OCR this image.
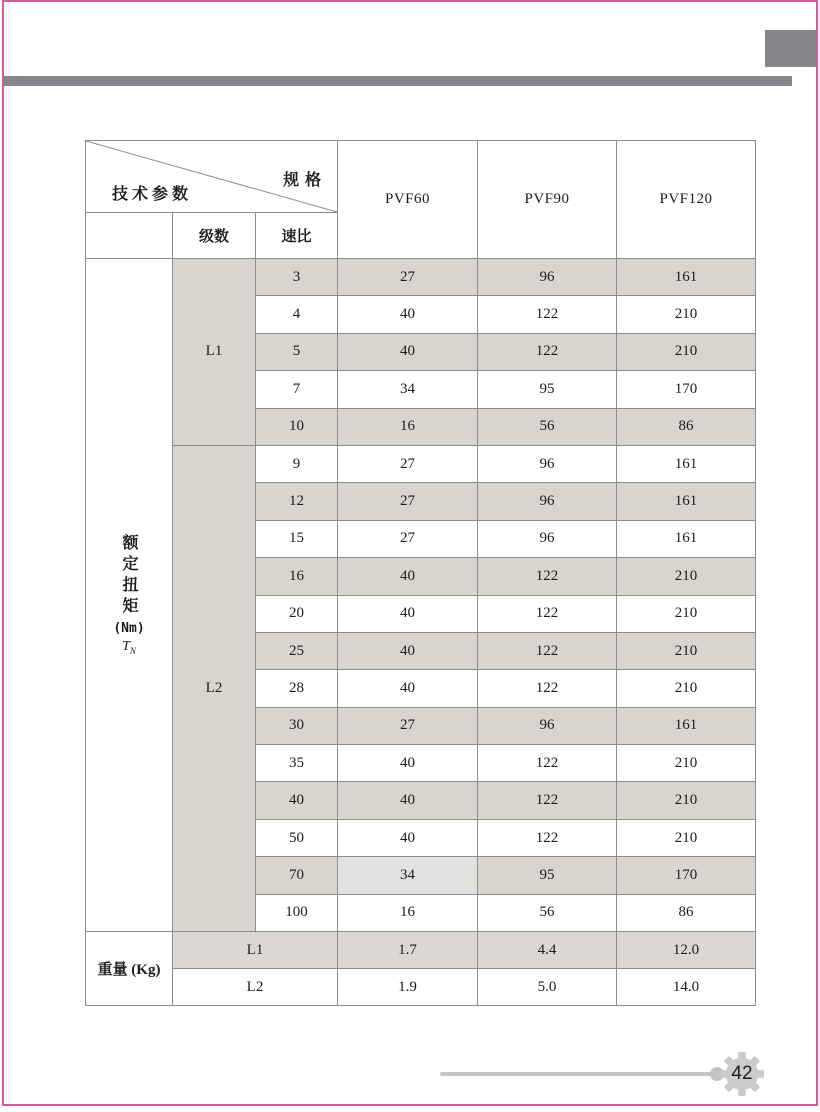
规格
技术参数			PVF60	PVF90	PVF120
	级数	速比			

额定扭矩
(Nm)
$T_N$	L1	3	27	96	161
		4	40	122	210
		5	40	122	210
		7	34	95	170
		10	16	56	86
	L2	9	27	96	161
		12	27	96	161
		15	27	96	161
		16	40	122	210
		20	40	122	210
		25	40	122	210
		28	40	122	210
		30	27	96	161
		35	40	122	210
		40	40	122	210
		50	40	122	210
		70	34	95	170
		100	16	56	86
重量 (Kg)	L1		1.7	4.4	12.0
	L2		1.9	5.0	14.0
42
